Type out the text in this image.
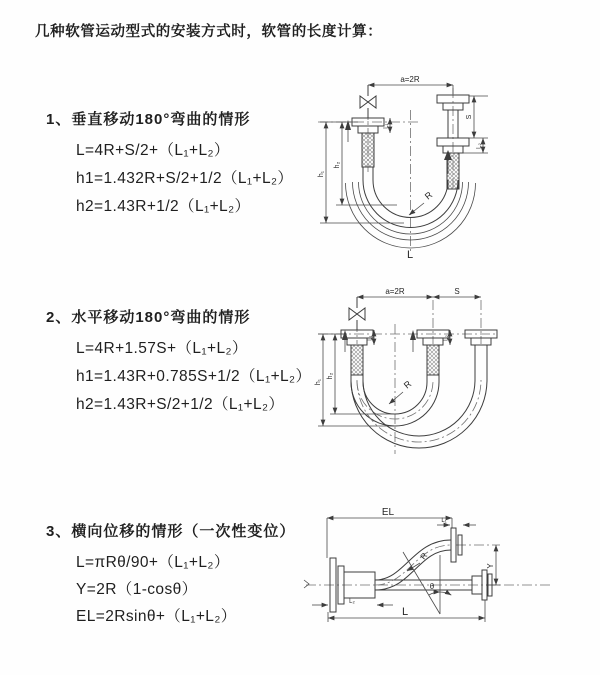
几种软管运动型式的安装方式时，软管的长度计算：
1、垂直移动180°弯曲的情形
L=4R+S/2+（L₁+L₂）
h1=1.432R+S/2+1/2（L₁+L₂）
h2=1.43R+1/2（L₁+L₂）
2、水平移动180°弯曲的情形
L=4R+1.57S+（L₁+L₂）
h1=1.43R+0.785S+1/2（L₁+L₂）
h2=1.43R+S/2+1/2（L₁+L₂）
3、横向位移的情形（一次性变位）
L=πRθ/90+（L₁+L₂）
Y=2R（1-cosθ）
EL=2Rsinθ+（L₁+L₂）
a=2R
L₁
S
L₂
R
h₁
h₂
L
a=2R	S
L₁	L₂
R
h₁
h₂
EL
L₁
Y
R
θ
L
L₂
